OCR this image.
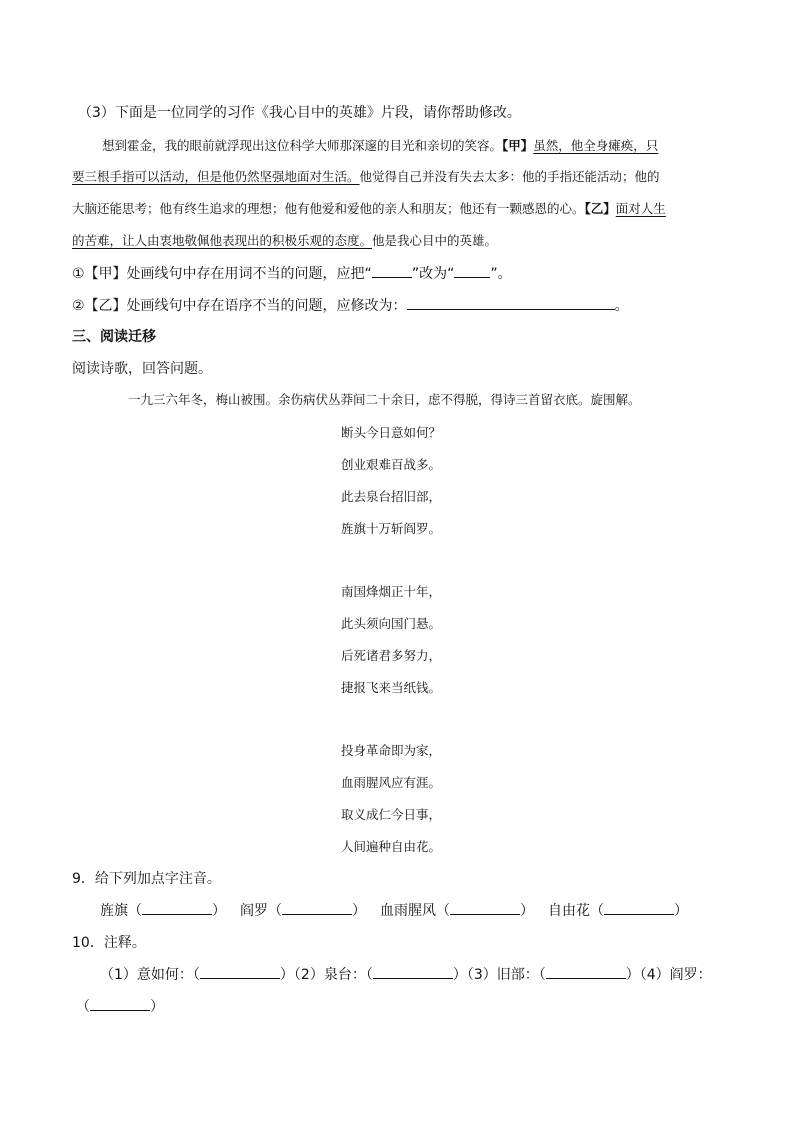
（3）下面是一位同学的习作《我心目中的英雄》片段，请你帮助修改。
想到霍金，我的眼前就浮现出这位科学大师那深邃的目光和亲切的笑容。【甲】虽然，他全身瘫痪，只
要三根手指可以活动，但是他仍然坚强地面对生活。他觉得自己并没有失去太多：他的手指还能活动；他的
大脑还能思考；他有终生追求的理想；他有他爱和爱他的亲人和朋友；他还有一颗感恩的心。【乙】面对人生
的苦难，让人由衷地敬佩他表现出的积极乐观的态度。他是我心目中的英雄。
①【甲】处画线句中存在用词不当的问题，应把“	”改为“	”。
②【乙】处画线句中存在语序不当的问题，应修改为：	。
三、阅读迁移
阅读诗歌，回答问题。
一九三六年冬，梅山被围。余伤病伏丛莽间二十余日，虑不得脱，得诗三首留衣底。旋围解。
断头今日意如何？
创业艰难百战多。
此去泉台招旧部，
旌旗十万斩阎罗。
南国烽烟正十年，
此头须向国门悬。
后死诸君多努力，
捷报飞来当纸钱。
投身革命即为家，
血雨腥风应有涯。
取义成仁今日事，
人间遍种自由花。
9．给下列加点字注音。
旌旗（	） 阎罗（	） 血雨腥风（	） 自由花（	）
10．注释。
（1）意如何：（	）（2）泉台：（	）（3）旧部：（	）（4）阎罗：
（	）
